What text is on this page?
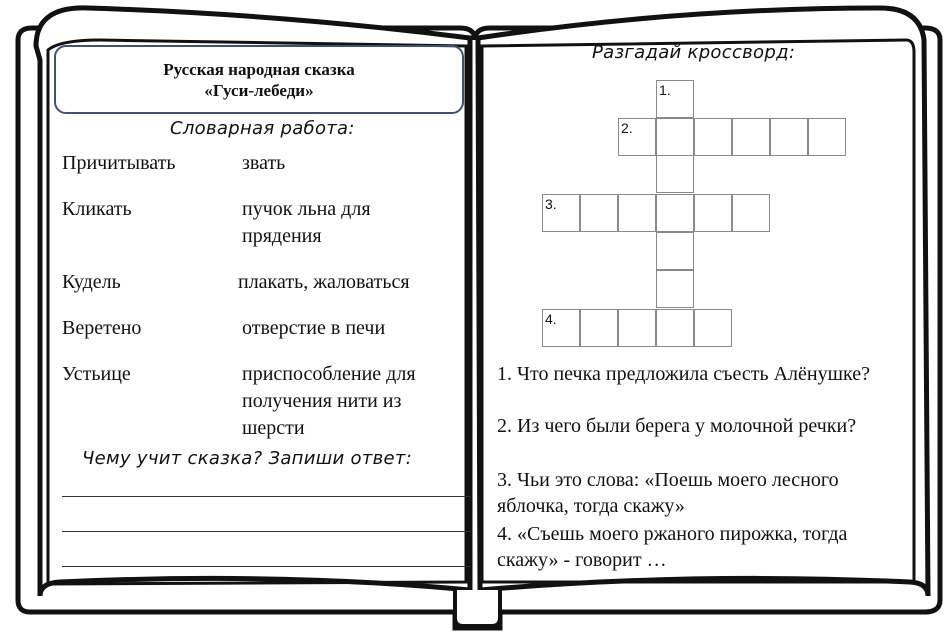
Русская народная сказка
«Гуси-лебеди»
Словарная работа:
Причитывать	звать
Кликать	пучок льна для прядения
Кудель	плакать, жаловаться
Веретено	отверстие в печи
Устьице	приспособление для получения нити из шерсти
Чему учит сказка? Запиши ответ:
Разгадай кроссворд:
1.
2.
3.
4.
1. Что печка предложила съесть Алёнушке?
2. Из чего были берега у молочной речки?
3. Чьи это слова: «Поешь моего лесного яблочка, тогда скажу»
4. «Съешь моего ржаного пирожка, тогда скажу» - говорит …
